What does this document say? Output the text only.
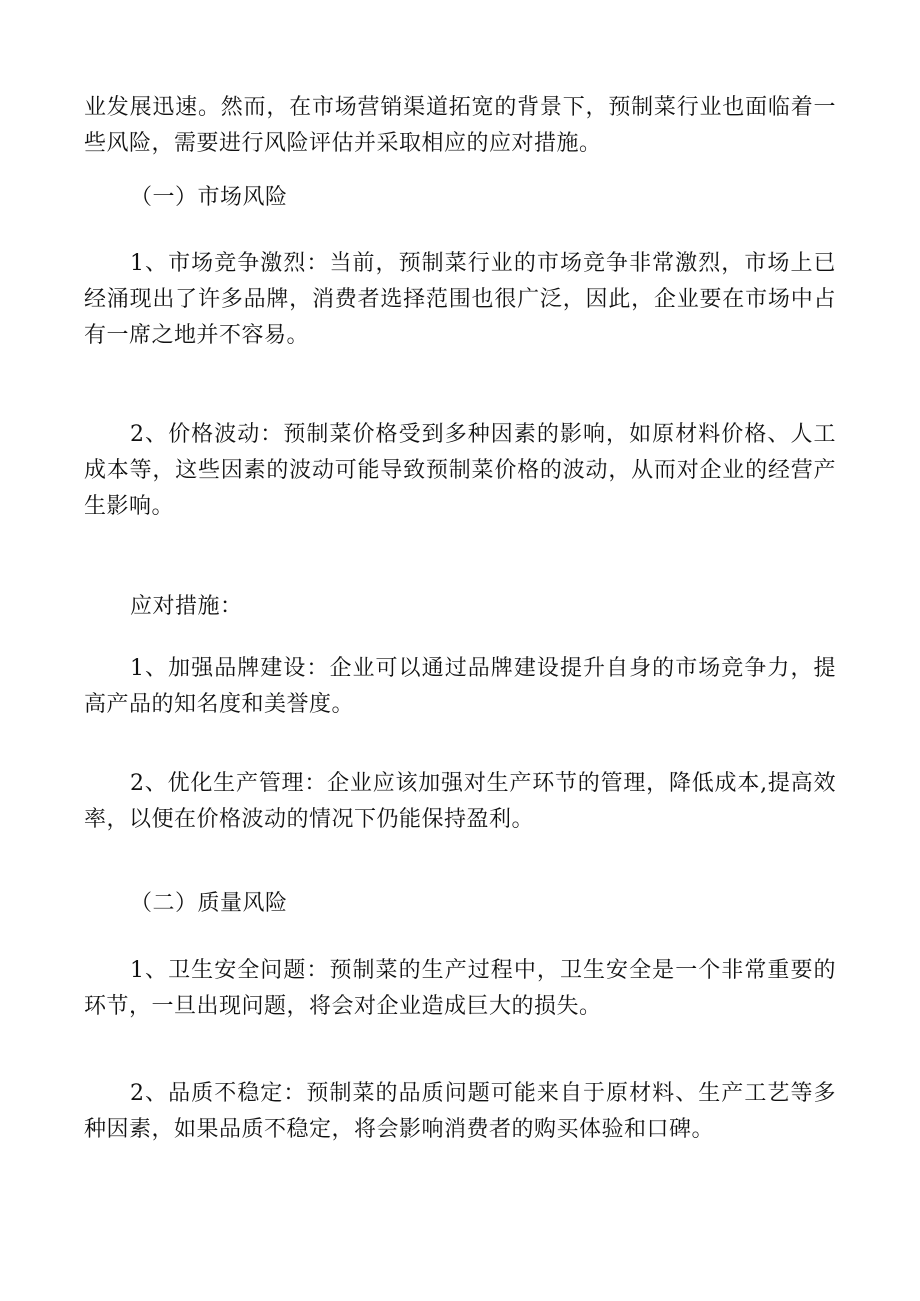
业发展迅速。然而，在市场营销渠道拓宽的背景下，预制菜行业也面临着一些风险，需要进行风险评估并采取相应的应对措施。

（一）市场风险

1、市场竞争激烈：当前，预制菜行业的市场竞争非常激烈，市场上已经涌现出了许多品牌，消费者选择范围也很广泛，因此，企业要在市场中占有一席之地并不容易。

2、价格波动：预制菜价格受到多种因素的影响，如原材料价格、人工成本等，这些因素的波动可能导致预制菜价格的波动，从而对企业的经营产生影响。

应对措施：

1、加强品牌建设：企业可以通过品牌建设提升自身的市场竞争力，提高产品的知名度和美誉度。

2、优化生产管理：企业应该加强对生产环节的管理，降低成本,提高效率，以便在价格波动的情况下仍能保持盈利。

（二）质量风险

1、卫生安全问题：预制菜的生产过程中，卫生安全是一个非常重要的环节，一旦出现问题，将会对企业造成巨大的损失。

2、品质不稳定：预制菜的品质问题可能来自于原材料、生产工艺等多种因素，如果品质不稳定，将会影响消费者的购买体验和口碑。
